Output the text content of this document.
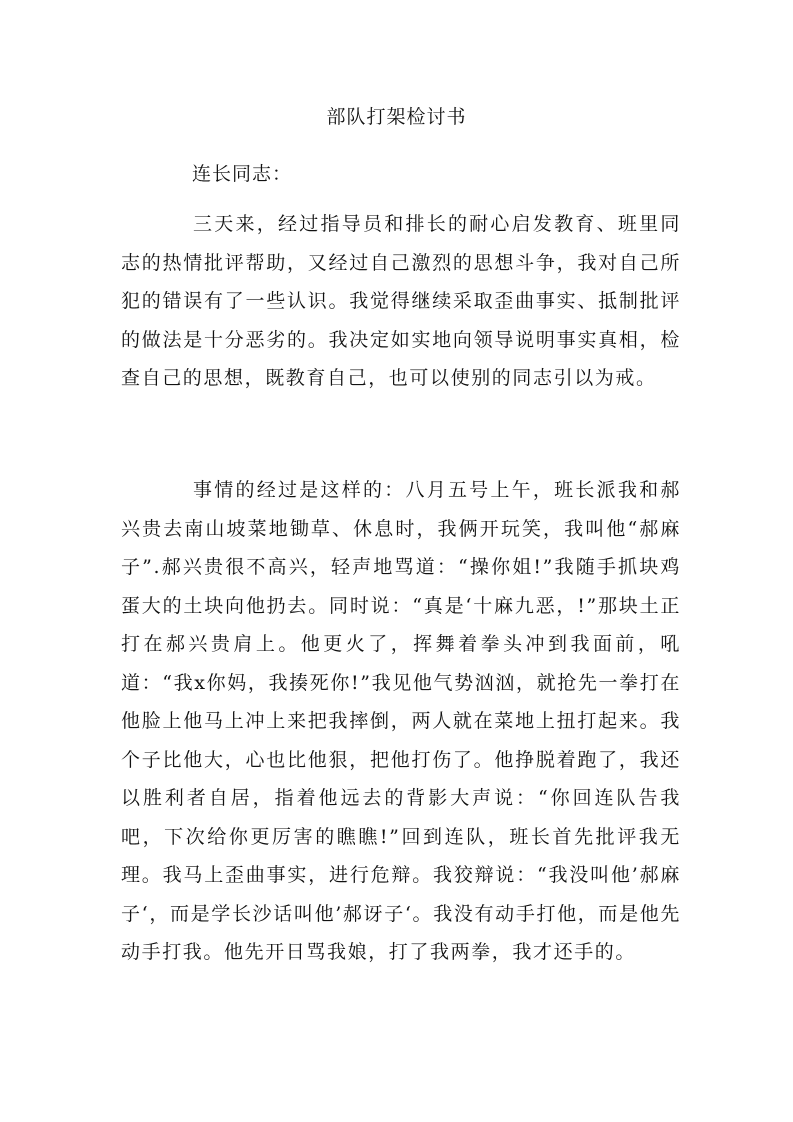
部队打架检讨书

连长同志：

三天来，经过指导员和排长的耐心启发教育、班里同志的热情批评帮助，又经过自己激烈的思想斗争，我对自己所犯的错误有了一些认识。我觉得继续采取歪曲事实、抵制批评的做法是十分恶劣的。我决定如实地向领导说明事实真相，检查自己的思想，既教育自己，也可以使别的同志引以为戒。

事情的经过是这样的：八月五号上午，班长派我和郝兴贵去南山坡菜地锄草、休息时，我俩开玩笑，我叫他“郝麻子”.郝兴贵很不高兴，轻声地骂道：“操你姐!”我随手抓块鸡蛋大的土块向他扔去。同时说：“真是‘十麻九恶，!”那块土正打在郝兴贵肩上。他更火了，挥舞着拳头冲到我面前，吼道：“我x你妈，我揍死你!”我见他气势汹汹，就抢先一拳打在他脸上他马上冲上来把我摔倒，两人就在菜地上扭打起来。我个子比他大，心也比他狠，把他打伤了。他挣脱着跑了，我还以胜利者自居，指着他远去的背影大声说：“你回连队告我吧，下次给你更厉害的瞧瞧!”回到连队，班长首先批评我无理。我马上歪曲事实，进行危辩。我狡辩说：“我没叫他’郝麻子‘，而是学长沙话叫他’郝讶子‘。我没有动手打他，而是他先动手打我。他先开日骂我娘，打了我两拳，我才还手的。
